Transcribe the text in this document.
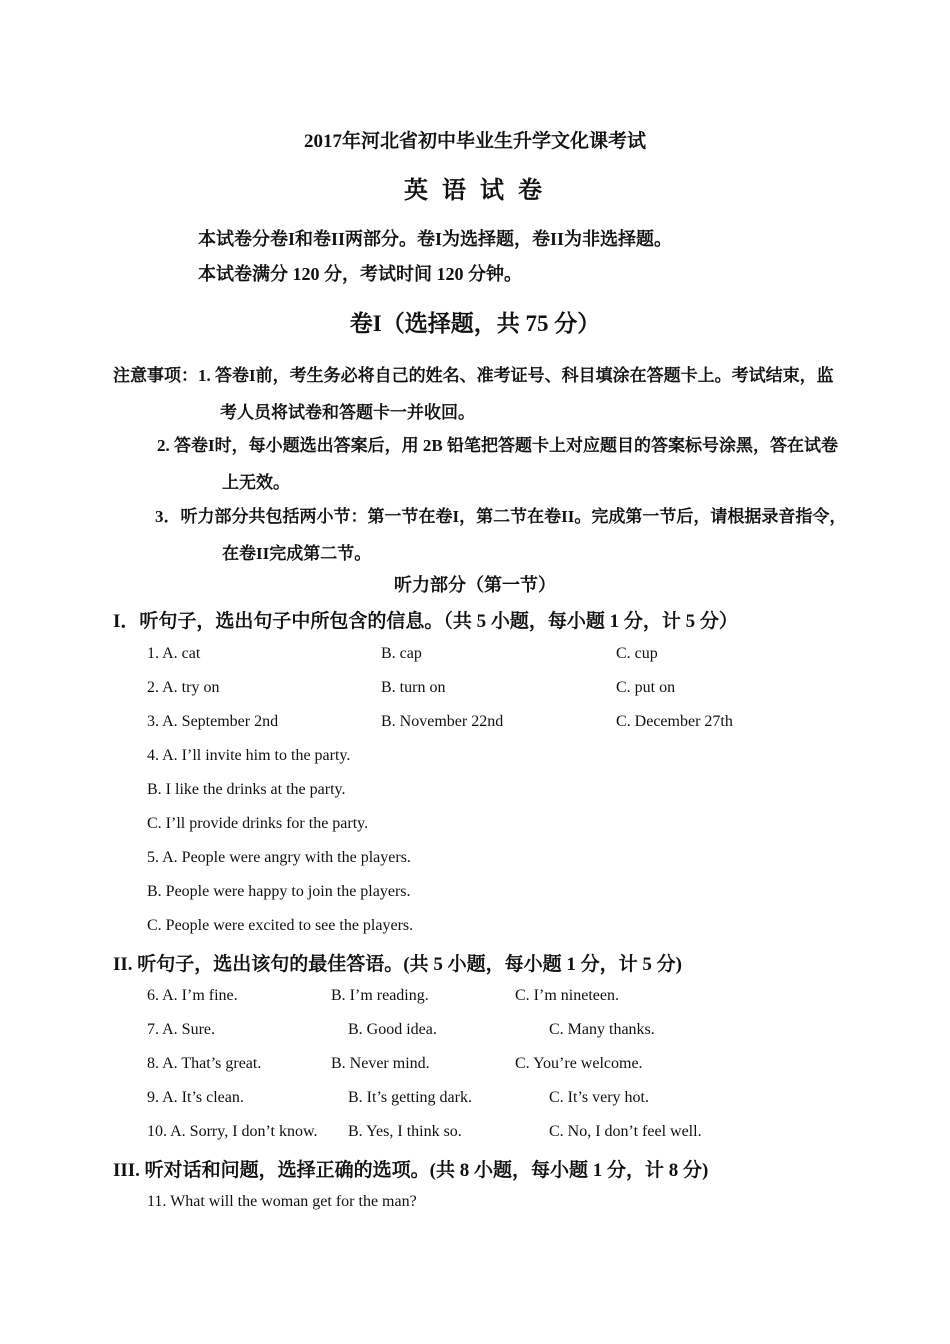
2017年河北省初中毕业生升学文化课考试
英 语 试 卷
本试卷分卷I和卷II两部分。卷I为选择题，卷II为非选择题。
本试卷满分 120 分，考试时间 120 分钟。
卷I（选择题，共 75 分）
注意事项：1. 答卷I前，考生务必将自己的姓名、准考证号、科目填涂在答题卡上。考试结束，监
考人员将试卷和答题卡一并收回。
2. 答卷I时，每小题选出答案后，用 2B 铅笔把答题卡上对应题目的答案标号涂黑，答在试卷
上无效。
3．听力部分共包括两小节：第一节在卷I，第二节在卷II。完成第一节后，请根据录音指令，
在卷II完成第二节。
听力部分（第一节）
I．听句子，选出句子中所包含的信息。（共 5 小题，每小题 1 分，计 5 分）
1. A. cat	B. cap	C. cup
2. A. try on	B. turn on	C. put on
3. A. September 2nd	B. November 22nd	C. December 27th
4. A. I’ll invite him to the party.
B. I like the drinks at the party.
C. I’ll provide drinks for the party.
5. A. People were angry with the players.
B. People were happy to join the players.
C. People were excited to see the players.
II. 听句子，选出该句的最佳答语。(共 5 小题，每小题 1 分，计 5 分)
6. A. I’m fine.	B. I’m reading.	C. I’m nineteen.
7. A. Sure.	B. Good idea.	C. Many thanks.
8. A. That’s great.	B. Never mind.	C. You’re welcome.
9. A. It’s clean.	B. It’s getting dark.	C. It’s very hot.
10. A. Sorry, I don’t know. B. Yes, I think so.	C. No, I don’t feel well.
III. 听对话和问题，选择正确的选项。(共 8 小题，每小题 1 分，计 8 分)
11. What will the woman get for the man?
